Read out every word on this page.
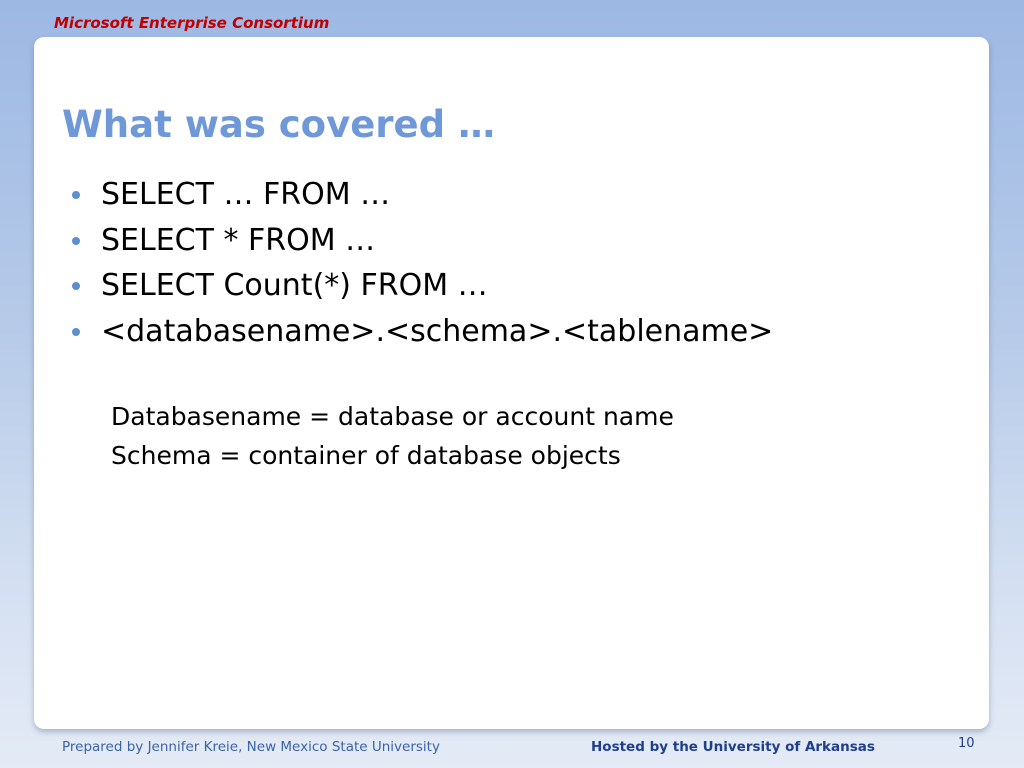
Microsoft Enterprise Consortium
What was covered …
SELECT … FROM …
SELECT * FROM …
SELECT Count(*) FROM …
<databasename>.<schema>.<tablename>
Databasename = database or account name
Schema = container of database objects
Prepared by Jennifer Kreie, New Mexico State University	Hosted by the University of Arkansas	10
